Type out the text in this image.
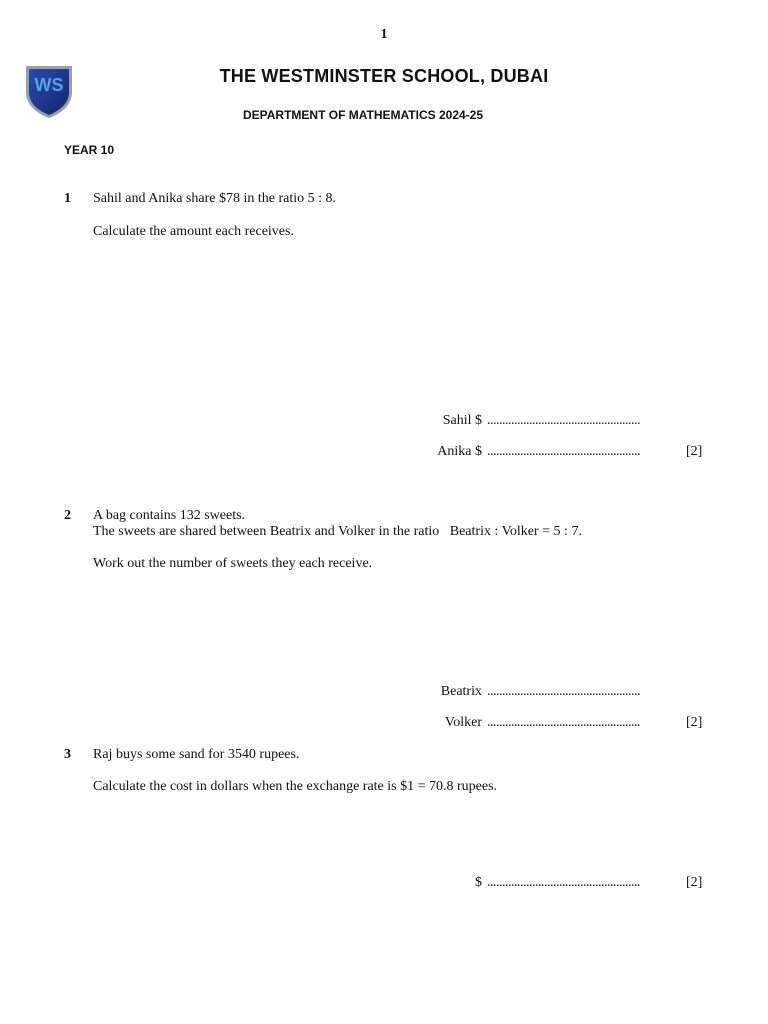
1
WS	THE WESTMINSTER SCHOOL, DUBAI
DEPARTMENT OF MATHEMATICS 2024-25
YEAR 10
1 Sahil and Anika share $78 in the ratio 5 : 8.
Calculate the amount each receives.
Sahil $ ...................................................
Anika $ ...................................................	[2]
2 A bag contains 132 sweets.
The sweets are shared between Beatrix and Volker in the ratio   Beatrix : Volker = 5 : 7.
Work out the number of sweets they each receive.
Beatrix ...................................................
Volker ...................................................	[2]
3 Raj buys some sand for 3540 rupees.
Calculate the cost in dollars when the exchange rate is $1 = 70.8 rupees.
$ ...................................................	[2]
